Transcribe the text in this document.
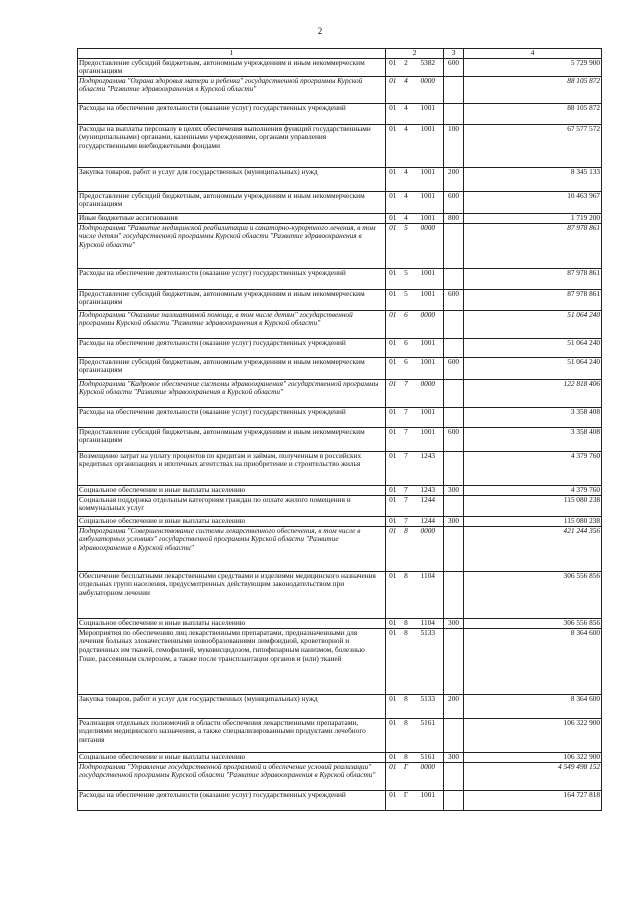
2
1	2			3	4
Предоставление субсидий бюджетным, автономным учреждениям и иным некоммерческим организациям	01	2	5382	600	5 729 900
Подпрограмма "Охрана здоровья матери и ребенка" государственной программы Курской области "Развитие здравоохранения в Курской области"	01	4	0000		88 105 872
Расходы на обеспечение деятельности (оказание услуг) государственных учреждений	01	4	1001		88 105 872
Расходы на выплаты персоналу в целях обеспечения выполнения функций государственными (муниципальными) органами, казенными учреждениями, органами управления государственными внебюджетными фондами	01	4	1001	100	67 577 572
Закупка товаров, работ и услуг для государственных (муниципальных) нужд	01	4	1001	200	8 345 133
Предоставление субсидий бюджетным, автономным учреждениям и иным некоммерческим организациям	01	4	1001	600	10 463 967
Иные бюджетные ассигнования	01	4	1001	800	1 719 200
Подпрограмма "Развитие медицинской реабилитации и санаторно-курортного лечения, в том числе детям" государственной программы Курской области "Развитие здравоохранения в Курской области"	01	5	0000		87 978 861
Расходы на обеспечение деятельности (оказание услуг) государственных учреждений	01	5	1001		87 978 861
Предоставление субсидий бюджетным, автономным учреждениям и иным некоммерческим организациям	01	5	1001	600	87 978 861
Подпрограмма "Оказание паллиативной помощи, в том числе детям" государственной программы Курской области "Развитие здравоохранения в Курской области"	01	6	0000		51 064 240
Расходы на обеспечение деятельности (оказание услуг) государственных учреждений	01	6	1001		51 064 240
Предоставление субсидий бюджетным, автономным учреждениям и иным некоммерческим организациям	01	6	1001	600	51 064 240
Подпрограмма "Кадровое обеспечение системы здравоохранения" государственной программы Курской области "Развитие здравоохранения в Курской области"	01	7	0000		122 818 406
Расходы на обеспечение деятельности (оказание услуг) государственных учреждений	01	7	1001		3 358 408
Предоставление субсидий бюджетным, автономным учреждениям и иным некоммерческим организациям	01	7	1001	600	3 358 408
Возмещение затрат на уплату процентов по кредитам и займам, полученным в российских кредитных организациях и ипотечных агентствах на приобретение и строительство жилья	01	7	1243		4 379 760
Социальное обеспечение и иные выплаты населению	01	7	1243	300	4 379 760
Социальная поддержка отдельным категориям граждан по оплате жилого помещения и коммунальных услуг	01	7	1244		115 080 238
Социальное обеспечение и иные выплаты населению	01	7	1244	300	115 080 238
Подпрограмма "Совершенствование системы лекарственного обеспечения, в том числе в амбулаторных условиях" государственной программы Курской области "Развитие здравоохранения в Курской области"	01	8	0000		421 244 356
Обеспечение бесплатными лекарственными средствами и изделиями медицинского назначения отдельных групп населения, предусмотренных действующим законодательством при амбулаторном лечении	01	8	1104		306 556 856
Социальное обеспечение и иные выплаты населению	01	8	1104	300	306 556 856
Мероприятия по обеспечению лиц лекарственными препаратами, предназначенными для лечения больных злокачественными новообразованиями лимфоидной, кроветворной и родственных им тканей, гемофилией, муковисцидозом, гипофизарным нанизмом, болезнью Гоше, рассеянным склерозом, а также после трансплантации органов и (или) тканей	01	8	5133		8 364 600
Закупка товаров, работ и услуг для государственных (муниципальных) нужд	01	8	5133	200	8 364 600
Реализация отдельных полномочий в области обеспечения лекарственными препаратами, изделиями медицинского назначения, а также специализированными продуктами лечебного питания	01	8	5161		106 322 900
Социальное обеспечение и иные выплаты населению	01	8	5161	300	106 322 900
Подпрограмма "Управление государственной программой и обеспечение условий реализации" государственной программы Курской области "Развитие здравоохранения в Курской области"	01	Г	0000		4 549 498 152
Расходы на обеспечение деятельности (оказание услуг) государственных учреждений	01	Г	1001		164 727 818
